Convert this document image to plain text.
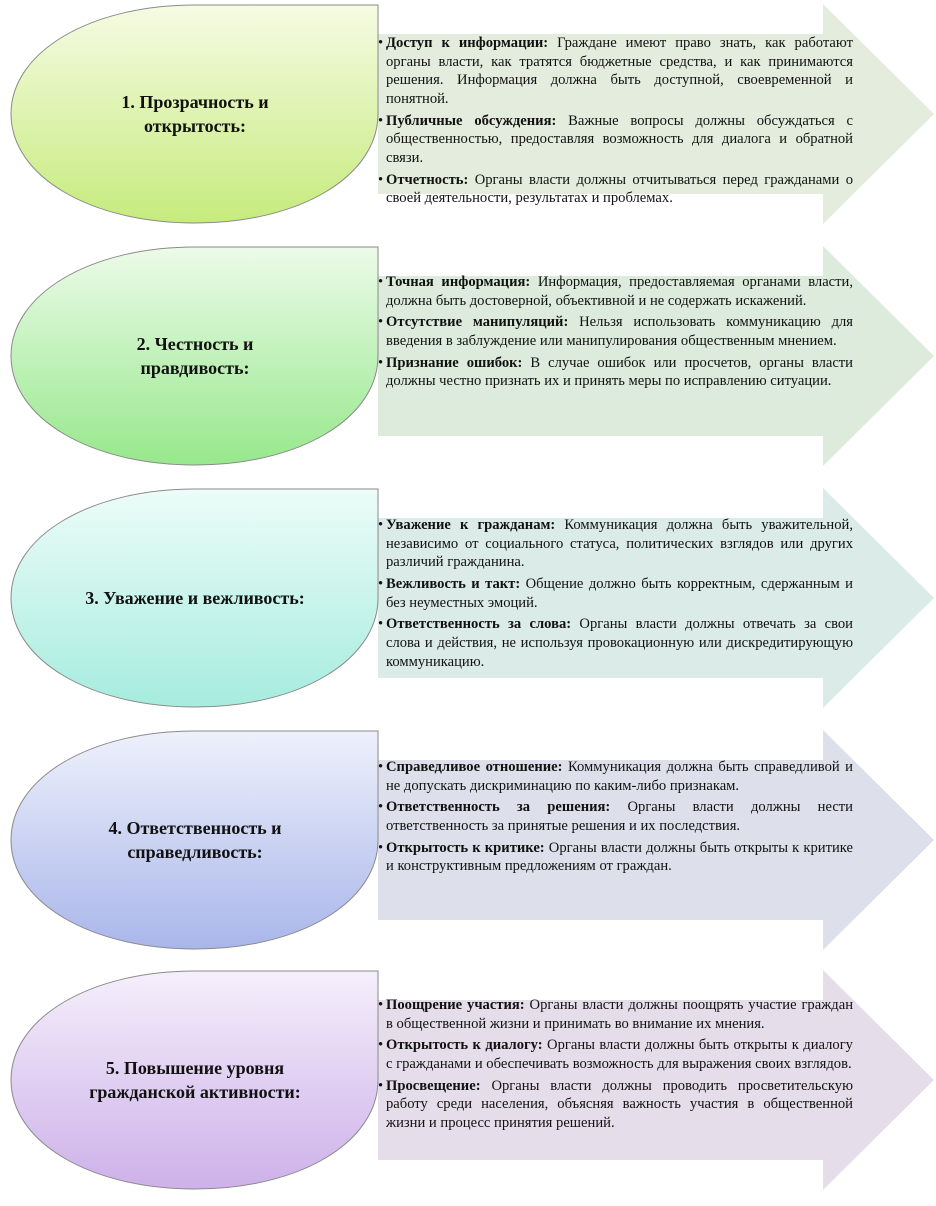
1. Прозрачность и открытость:
• Доступ к информации: Граждане имеют право знать, как работают органы власти, как тратятся бюджетные средства, и как принимаются решения. Информация должна быть доступной, своевременной и понятной.
• Публичные обсуждения: Важные вопросы должны обсуждаться с общественностью, предоставляя возможность для диалога и обратной связи.
• Отчетность: Органы власти должны отчитываться перед гражданами о своей деятельности, результатах и проблемах.
2. Честность и правдивость:
• Точная информация: Информация, предоставляемая органами власти, должна быть достоверной, объективной и не содержать искажений.
• Отсутствие манипуляций: Нельзя использовать коммуникацию для введения в заблуждение или манипулирования общественным мнением.
• Признание ошибок: В случае ошибок или просчетов, органы власти должны честно признать их и принять меры по исправлению ситуации.
3. Уважение и вежливость:
• Уважение к гражданам: Коммуникация должна быть уважительной, независимо от социального статуса, политических взглядов или других различий гражданина.
• Вежливость и такт: Общение должно быть корректным, сдержанным и без неуместных эмоций.
• Ответственность за слова: Органы власти должны отвечать за свои слова и действия, не используя провокационную или дискредитирующую коммуникацию.
4. Ответственность и справедливость:
• Справедливое отношение: Коммуникация должна быть справедливой и не допускать дискриминацию по каким-либо признакам.
• Ответственность за решения: Органы власти должны нести ответственность за принятые решения и их последствия.
• Открытость к критике: Органы власти должны быть открыты к критике и конструктивным предложениям от граждан.
5. Повышение уровня гражданской активности:
• Поощрение участия: Органы власти должны поощрять участие граждан в общественной жизни и принимать во внимание их мнения.
• Открытость к диалогу: Органы власти должны быть открыты к диалогу с гражданами и обеспечивать возможность для выражения своих взглядов.
• Просвещение: Органы власти должны проводить просветительскую работу среди населения, объясняя важность участия в общественной жизни и процесс принятия решений.
